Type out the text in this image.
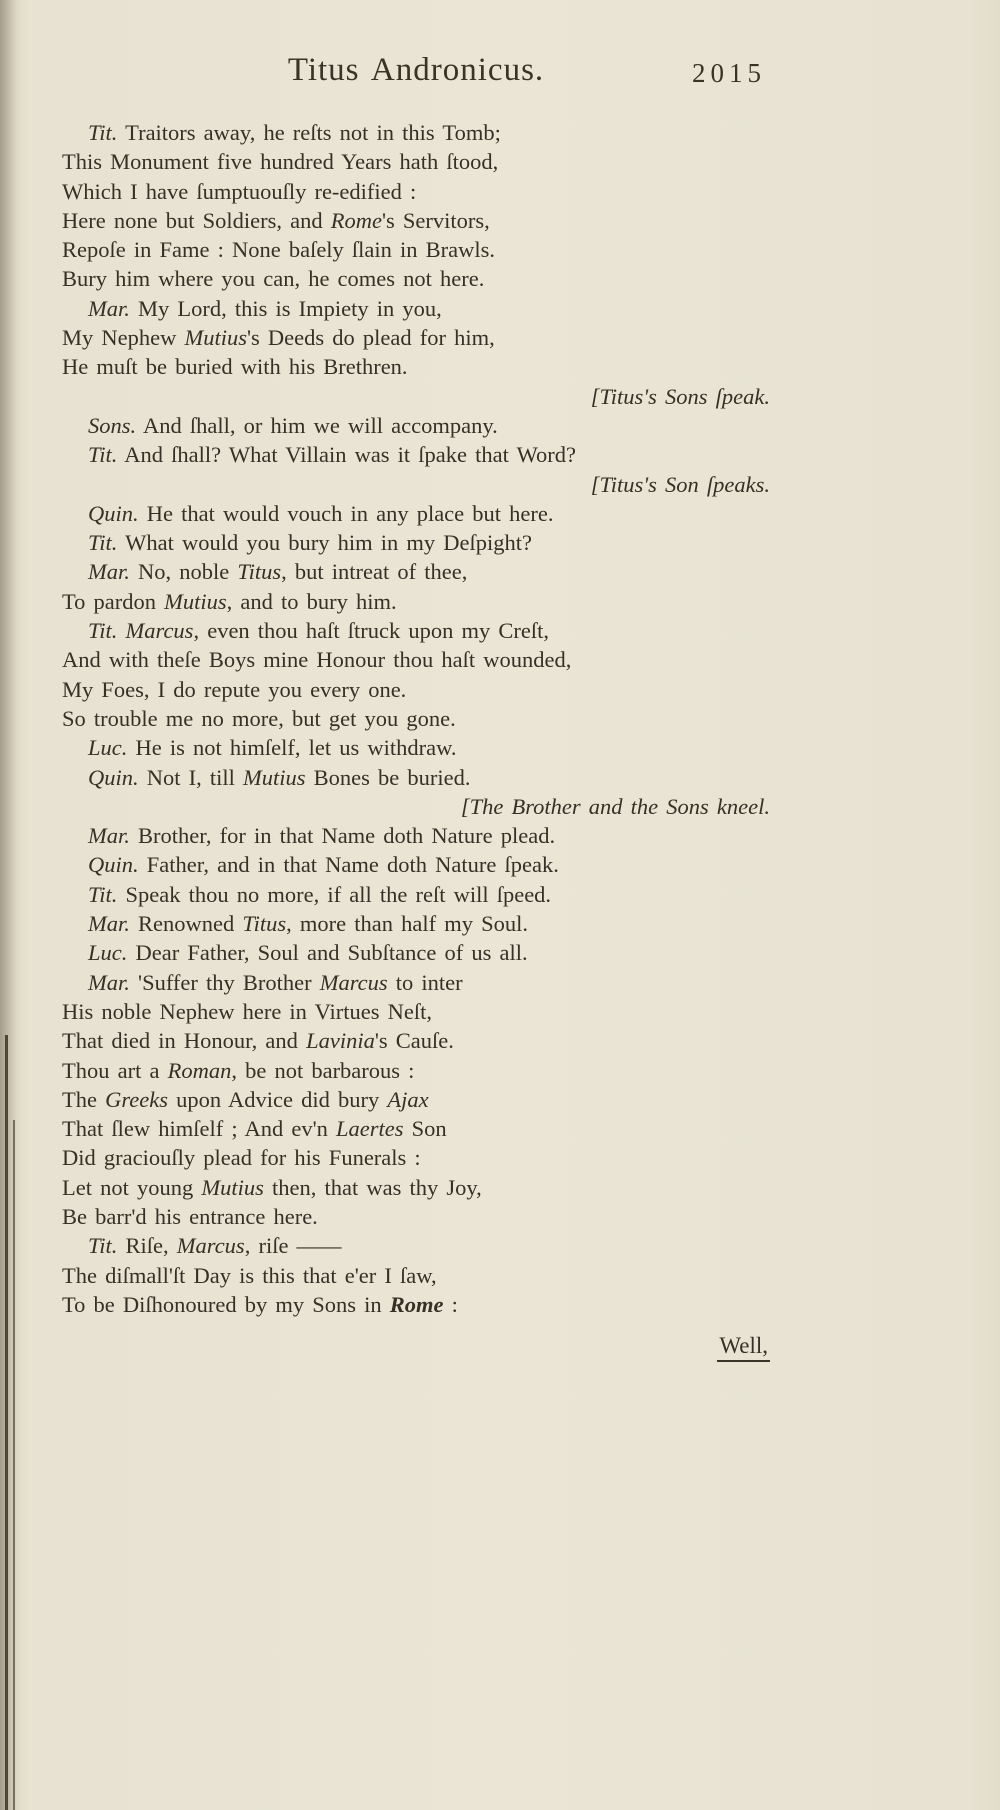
Titus Andronicus.	2015
Tit. Traitors away, he reſts not in this Tomb;
This Monument five hundred Years hath ſtood,
Which I have ſumptuouſly re-edified :
Here none but Soldiers, and Rome's Servitors,
Repoſe in Fame : None baſely ſlain in Brawls.
Bury him where you can, he comes not here.
Mar. My Lord, this is Impiety in you,
My Nephew Mutius's Deeds do plead for him,
He muſt be buried with his Brethren.
[Titus's Sons ſpeak.
Sons. And ſhall, or him we will accompany.
Tit. And ſhall? What Villain was it ſpake that Word?
[Titus's Son ſpeaks.
Quin. He that would vouch in any place but here.
Tit. What would you bury him in my Deſpight?
Mar. No, noble Titus, but intreat of thee,
To pardon Mutius, and to bury him.
Tit. Marcus, even thou haſt ſtruck upon my Creſt,
And with theſe Boys mine Honour thou haſt wounded,
My Foes, I do repute you every one.
So trouble me no more, but get you gone.
Luc. He is not himſelf, let us withdraw.
Quin. Not I, till Mutius Bones be buried.
[The Brother and the Sons kneel.
Mar. Brother, for in that Name doth Nature plead.
Quin. Father, and in that Name doth Nature ſpeak.
Tit. Speak thou no more, if all the reſt will ſpeed.
Mar. Renowned Titus, more than half my Soul.
Luc. Dear Father, Soul and Subſtance of us all.
Mar. 'Suffer thy Brother Marcus to inter
His noble Nephew here in Virtues Neſt,
That died in Honour, and Lavinia's Cauſe.
Thou art a Roman, be not barbarous :
The Greeks upon Advice did bury Ajax
That ſlew himſelf ; And ev'n Laertes Son
Did graciouſly plead for his Funerals :
Let not young Mutius then, that was thy Joy,
Be barr'd his entrance here.
Tit. Riſe, Marcus, riſe ——
The diſmall'ſt Day is this that e'er I ſaw,
To be Diſhonoured by my Sons in Rome :
Well,
